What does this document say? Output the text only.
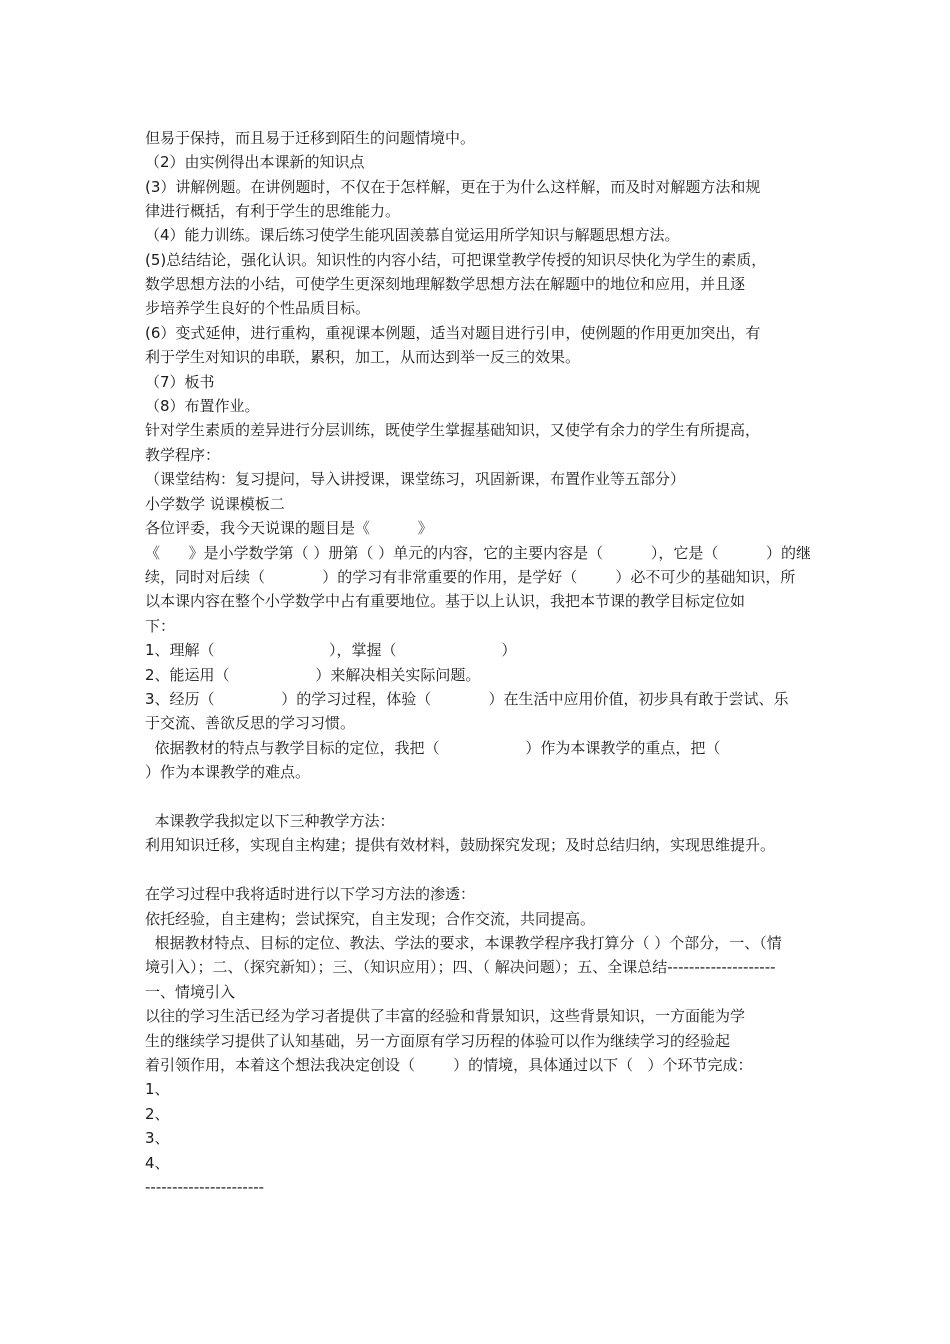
但易于保持，而且易于迁移到陌生的问题情境中。
（2）由实例得出本课新的知识点
(3）讲解例题。在讲例题时，不仅在于怎样解，更在于为什么这样解，而及时对解题方法和规
律进行概括，有利于学生的思维能力。
（4）能力训练。课后练习使学生能巩固羡慕自觉运用所学知识与解题思想方法。
(5)总结结论，强化认识。知识性的内容小结，可把课堂教学传授的知识尽快化为学生的素质，
数学思想方法的小结，可使学生更深刻地理解数学思想方法在解题中的地位和应用，并且逐
步培养学生良好的个性品质目标。
(6）变式延伸，进行重构，重视课本例题，适当对题目进行引申，使例题的作用更加突出，有
利于学生对知识的串联，累积，加工，从而达到举一反三的效果。
（7）板书
（8）布置作业。
针对学生素质的差异进行分层训练，既使学生掌握基础知识，又使学有余力的学生有所提高，
教学程序：
（课堂结构：复习提问，导入讲授课，课堂练习，巩固新课，布置作业等五部分）
小学数学 说课模板二
各位评委，我今天说课的题目是《          》
《      》是小学数学第（ ）册第（ ）单元的内容，它的主要内容是（          ），它是（          ）的继
续，同时对后续（            ）的学习有非常重要的作用，是学好（        ）必不可少的基础知识，所
以本课内容在整个小学数学中占有重要地位。基于以上认识，我把本节课的教学目标定位如
下：
1、理解（                        ），掌握（                      ）
2、能运用（                  ）来解决相关实际问题。
3、经历（              ）的学习过程，体验（            ）在生活中应用价值，初步具有敢于尝试、乐
于交流、善欲反思的学习习惯。
依据教材的特点与教学目标的定位，我把（                  ）作为本课教学的重点，把（
）作为本课教学的难点。
本课教学我拟定以下三种教学方法：
利用知识迁移，实现自主构建；提供有效材料，鼓励探究发现；及时总结归纳，实现思维提升。
在学习过程中我将适时进行以下学习方法的渗透：
依托经验，自主建构；尝试探究，自主发现；合作交流，共同提高。
根据教材特点、目标的定位、教法、学法的要求，本课教学程序我打算分（ ）个部分，一、（情
境引入）；二、（探究新知）；三、（知识应用）；四、（ 解决问题）；五、全课总结--------------------
一、情境引入
以往的学习生活已经为学习者提供了丰富的经验和背景知识，这些背景知识，一方面能为学
生的继续学习提供了认知基础，另一方面原有学习历程的体验可以作为继续学习的经验起
着引领作用，本着这个想法我决定创设（        ）的情境，具体通过以下（   ）个环节完成：
1、
2、
3、
4、
----------------------
